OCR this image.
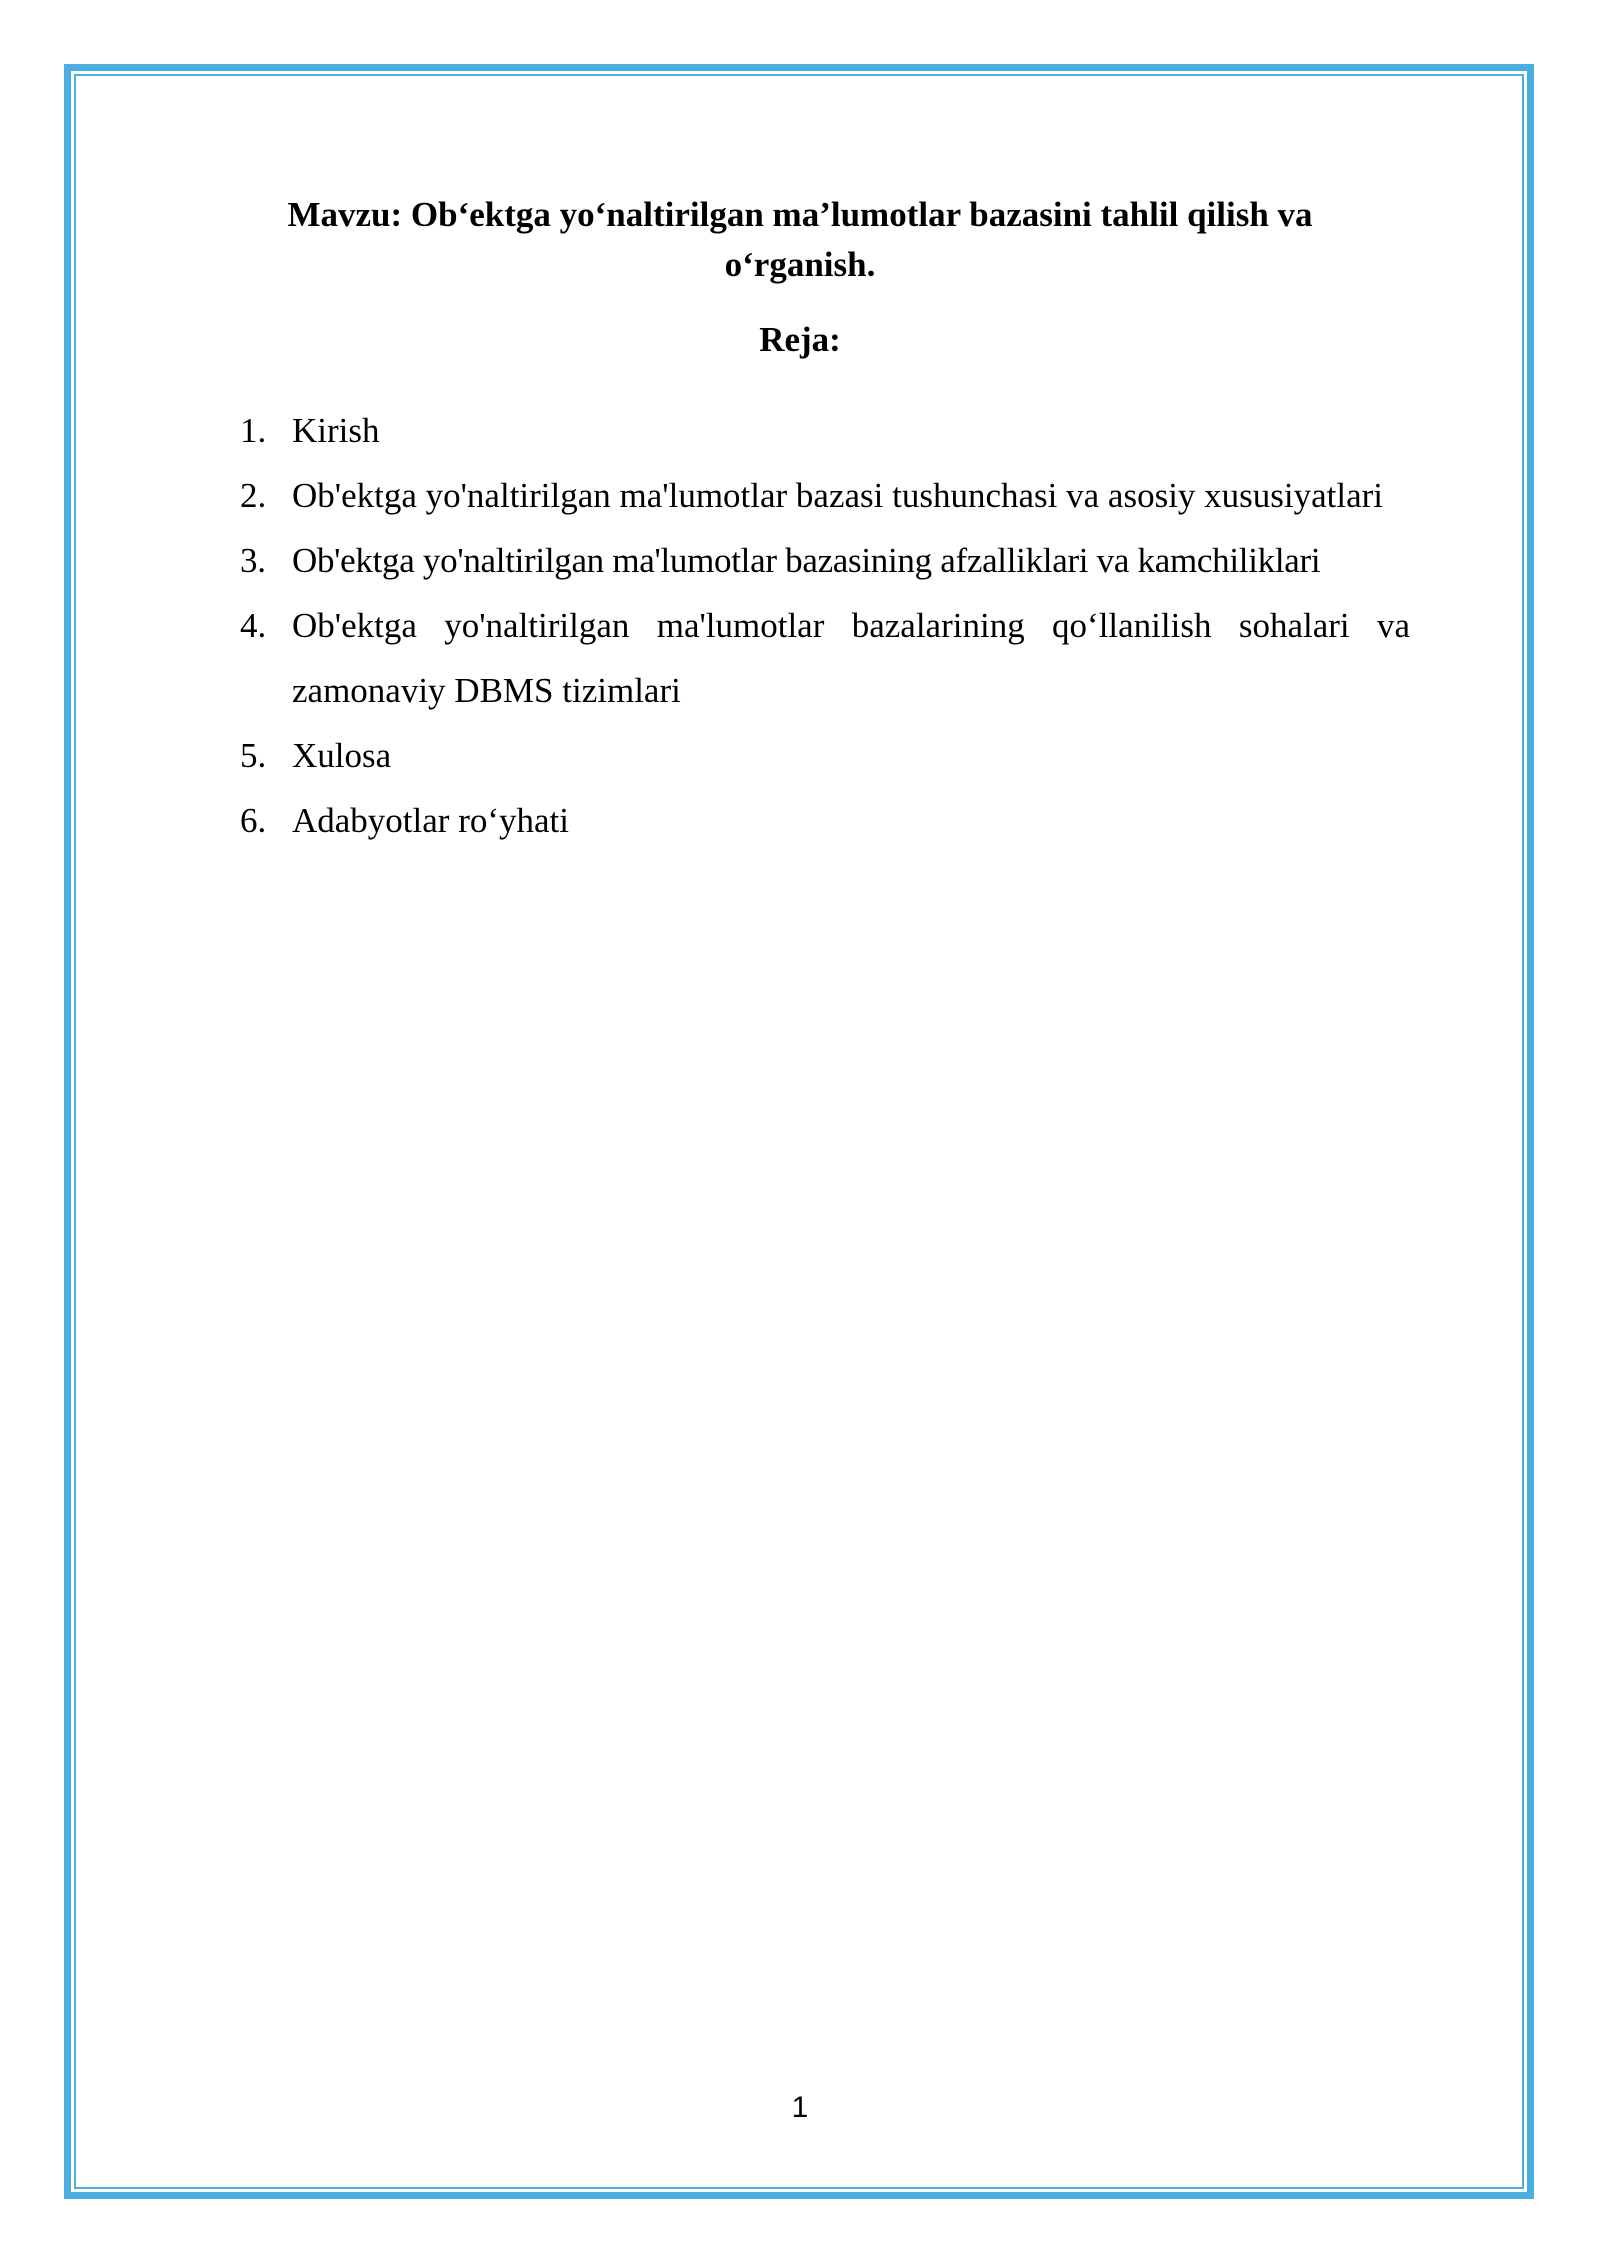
Mavzu: Ob‘ektga yo‘naltirilgan ma’lumotlar bazasini tahlil qilish va
o‘rganish.
Reja:
1. Kirish
2. Ob'ektga yo'naltirilgan ma'lumotlar bazasi tushunchasi va asosiy xususiyatlari
3. Ob'ektga yo'naltirilgan ma'lumotlar bazasining afzalliklari va kamchiliklari
4. Ob'ektga yo'naltirilgan ma'lumotlar bazalarining qo‘llanilish sohalari va zamonaviy DBMS tizimlari
5. Xulosa
6. Adabyotlar ro‘yhati
1
